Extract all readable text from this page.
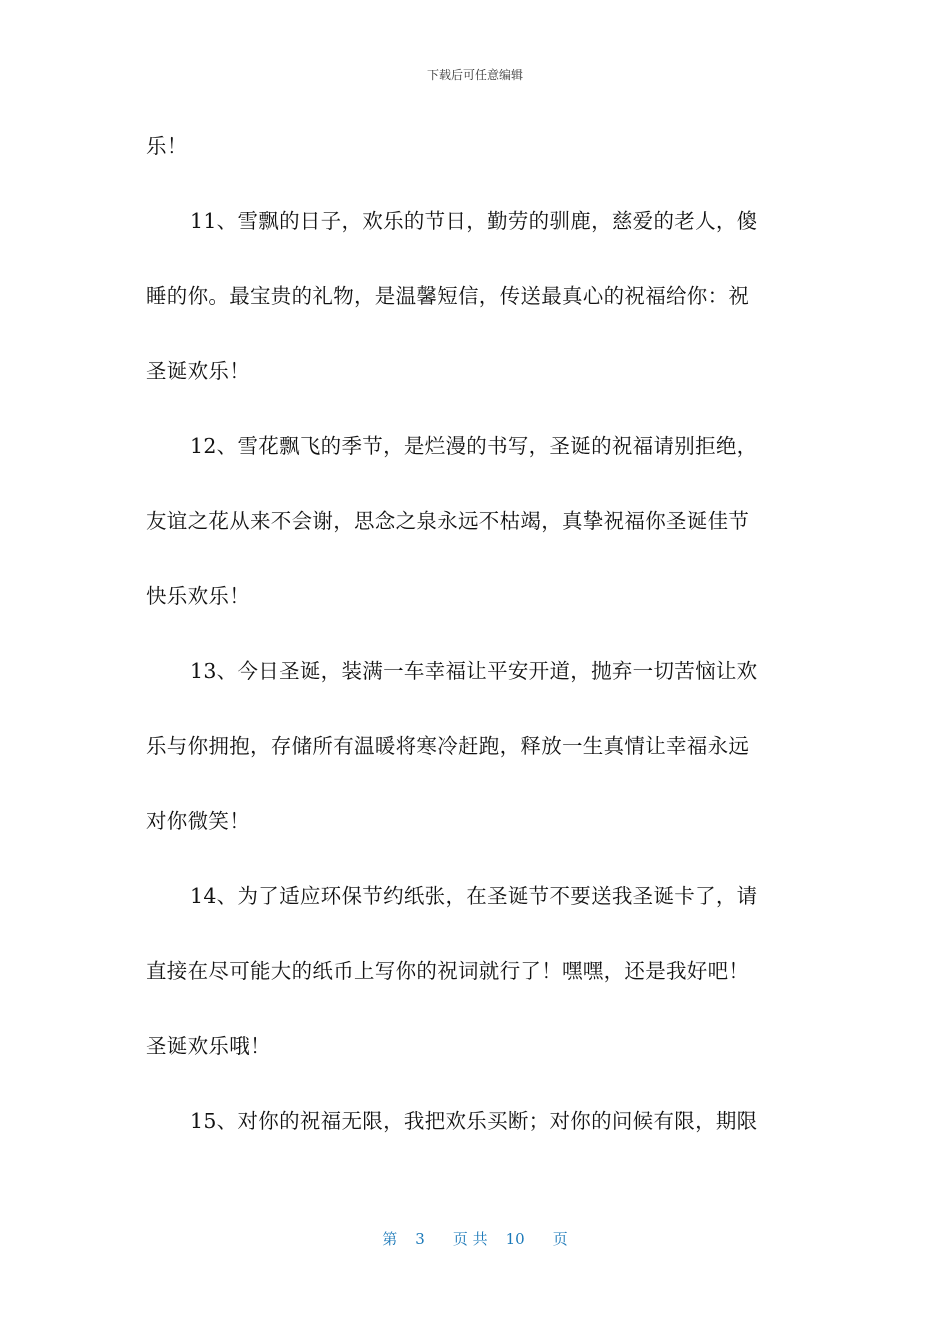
下载后可任意编辑
乐！
11、雪飘的日子，欢乐的节日，勤劳的驯鹿，慈爱的老人，傻
睡的你。最宝贵的礼物，是温馨短信，传送最真心的祝福给你：祝
圣诞欢乐！
12、雪花飘飞的季节，是烂漫的书写，圣诞的祝福请别拒绝，
友谊之花从来不会谢，思念之泉永远不枯竭，真挚祝福你圣诞佳节
快乐欢乐！
13、今日圣诞，装满一车幸福让平安开道，抛弃一切苦恼让欢
乐与你拥抱，存储所有温暖将寒冷赶跑，释放一生真情让幸福永远
对你微笑！
14、为了适应环保节约纸张，在圣诞节不要送我圣诞卡了，请
直接在尽可能大的纸币上写你的祝词就行了！嘿嘿，还是我好吧！
圣诞欢乐哦！
15、对你的祝福无限，我把欢乐买断；对你的问候有限，期限
第 3 页 共 10 页
